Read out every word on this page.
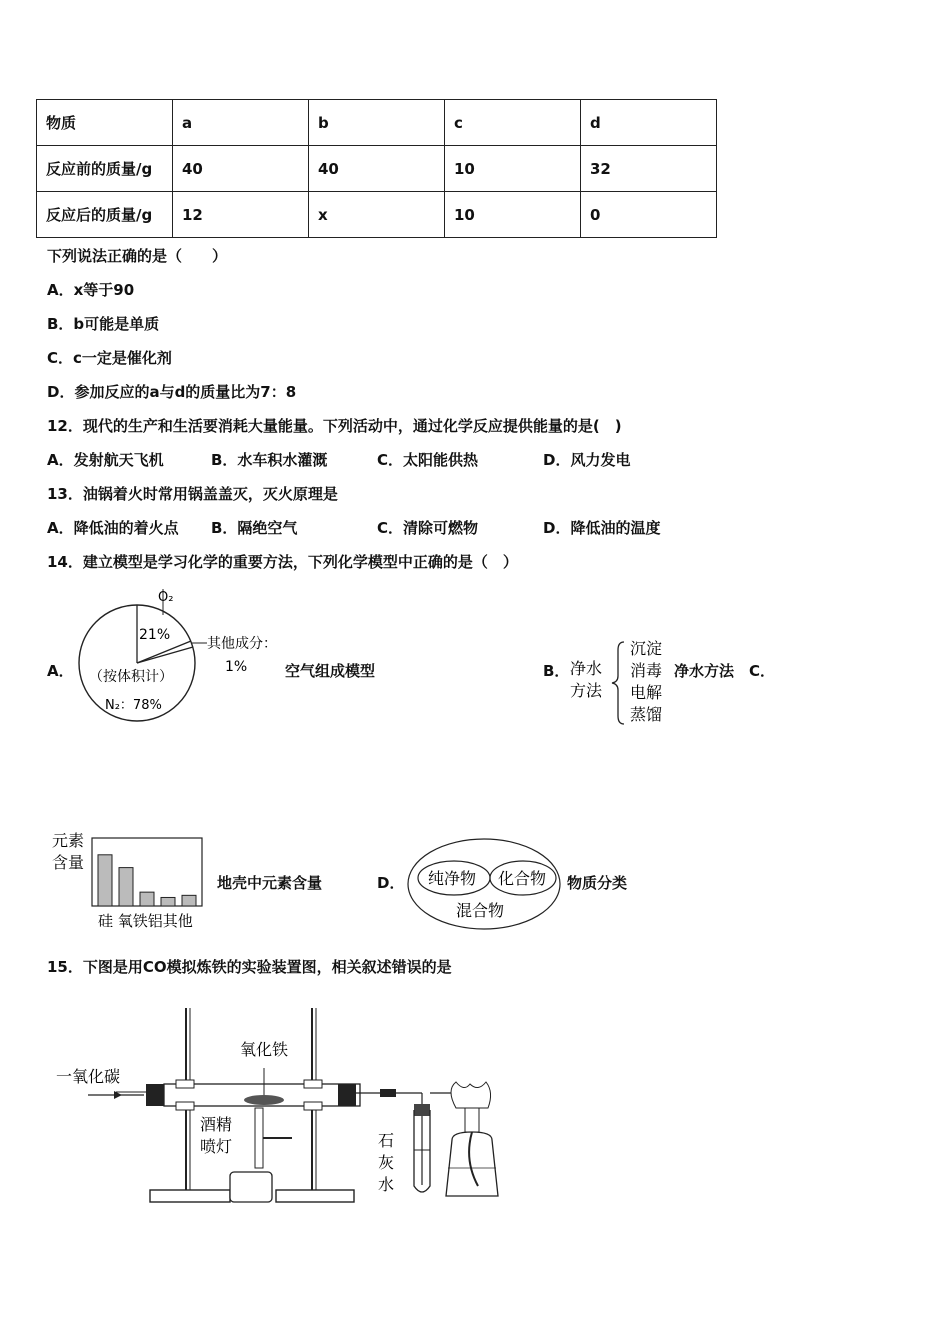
物质	a	b	c	d
反应前的质量/g	40	40	10	32
反应后的质量/g	12	x	10	0
下列说法正确的是（　　）
A．x等于90
B．b可能是单质
C．c一定是催化剂
D．参加反应的a与d的质量比为7：8
12．现代的生产和生活要消耗大量能量。下列活动中，通过化学反应提供能量的是(　)
A．发射航天飞机	B．水车积水灌溉	C．太阳能供热	D．风力发电
13．油锅着火时常用锅盖盖灭，灭火原理是
A．降低油的着火点 B．隔绝空气	C．清除可燃物	D．降低油的温度
14．建立模型是学习化学的重要方法，下列化学模型中正确的是（　）
A．
O₂
21%
其他成分：
1%
（按体积计）
N₂：78%
空气组成模型	B． 净水
方法
沉淀
消毒
电解
蒸馏
净水方法 C．
元素
含量
硅 氧铁铝其他
地壳中元素含量	D． 纯净物 化合物
混合物
物质分类
15．下图是用CO模拟炼铁的实验装置图，相关叙述错误的是
一氧化碳
氧化铁
酒精
喷灯	石
灰
水
